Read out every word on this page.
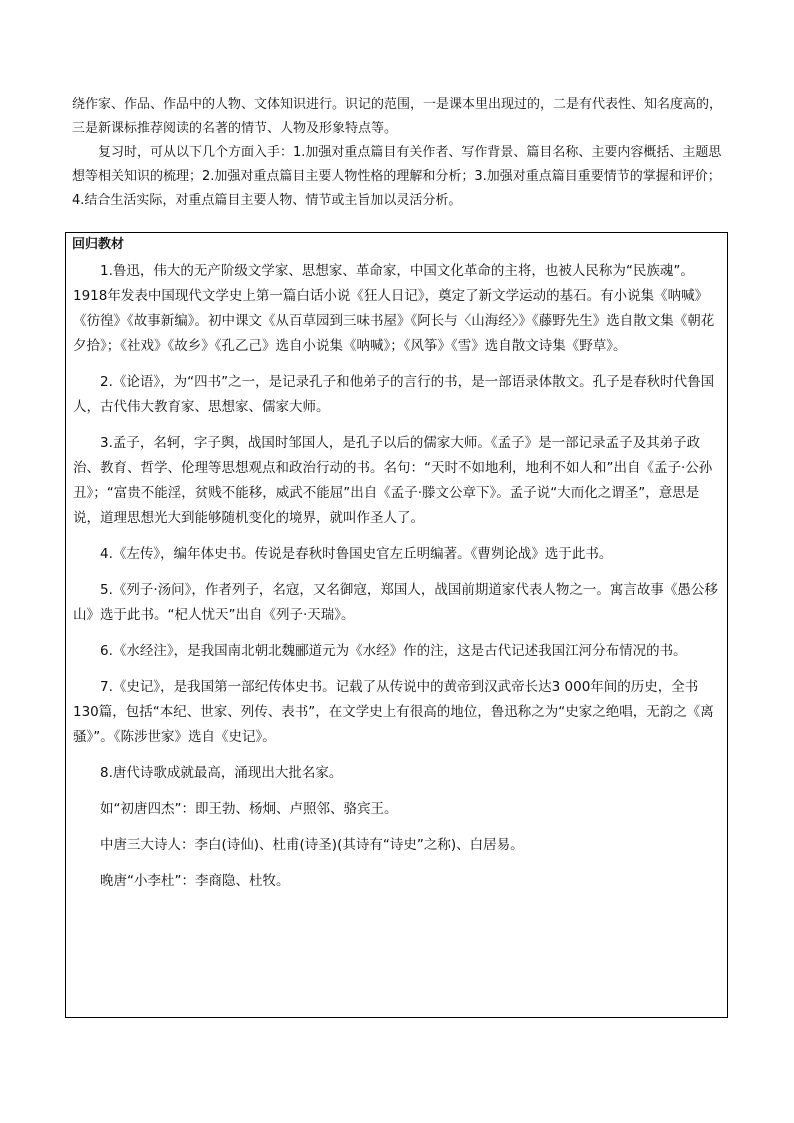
绕作家、作品、作品中的人物、文体知识进行。识记的范围，一是课本里出现过的，二是有代表性、知名度高的，三是新课标推荐阅读的名著的情节、人物及形象特点等。

复习时，可从以下几个方面入手：1.加强对重点篇目有关作者、写作背景、篇目名称、主要内容概括、主题思想等相关知识的梳理；2.加强对重点篇目主要人物性格的理解和分析；3.加强对重点篇目重要情节的掌握和评价；4.结合生活实际，对重点篇目主要人物、情节或主旨加以灵活分析。

回归教材

1.鲁迅，伟大的无产阶级文学家、思想家、革命家，中国文化革命的主将，也被人民称为“民族魂”。1918年发表中国现代文学史上第一篇白话小说《狂人日记》，奠定了新文学运动的基石。有小说集《呐喊》《彷徨》《故事新编》。初中课文《从百草园到三味书屋》《阿长与〈山海经〉》《藤野先生》选自散文集《朝花夕拾》；《社戏》《故乡》《孔乙己》选自小说集《呐喊》；《风筝》《雪》选自散文诗集《野草》。

2.《论语》，为“四书”之一，是记录孔子和他弟子的言行的书，是一部语录体散文。孔子是春秋时代鲁国人，古代伟大教育家、思想家、儒家大师。

3.孟子，名轲，字子舆，战国时邹国人，是孔子以后的儒家大师。《孟子》是一部记录孟子及其弟子政治、教育、哲学、伦理等思想观点和政治行动的书。名句：“天时不如地利，地利不如人和”出自《孟子·公孙丑》；“富贵不能淫，贫贱不能移，威武不能屈”出自《孟子·滕文公章下》。孟子说“大而化之谓圣”，意思是说，道理思想光大到能够随机变化的境界，就叫作圣人了。

4.《左传》，编年体史书。传说是春秋时鲁国史官左丘明编著。《曹刿论战》选于此书。

5.《列子·汤问》，作者列子，名寇，又名御寇，郑国人，战国前期道家代表人物之一。寓言故事《愚公移山》选于此书。“杞人忧天”出自《列子·天瑞》。

6.《水经注》，是我国南北朝北魏郦道元为《水经》作的注，这是古代记述我国江河分布情况的书。

7.《史记》，是我国第一部纪传体史书。记载了从传说中的黄帝到汉武帝长达3 000年间的历史，全书130篇，包括“本纪、世家、列传、表书”，在文学史上有很高的地位，鲁迅称之为“史家之绝唱，无韵之《离骚》”。《陈涉世家》选自《史记》。

8.唐代诗歌成就最高，涌现出大批名家。

如“初唐四杰”：即王勃、杨炯、卢照邻、骆宾王。

中唐三大诗人：李白(诗仙)、杜甫(诗圣)(其诗有“诗史”之称)、白居易。

晚唐“小李杜”：李商隐、杜牧。
